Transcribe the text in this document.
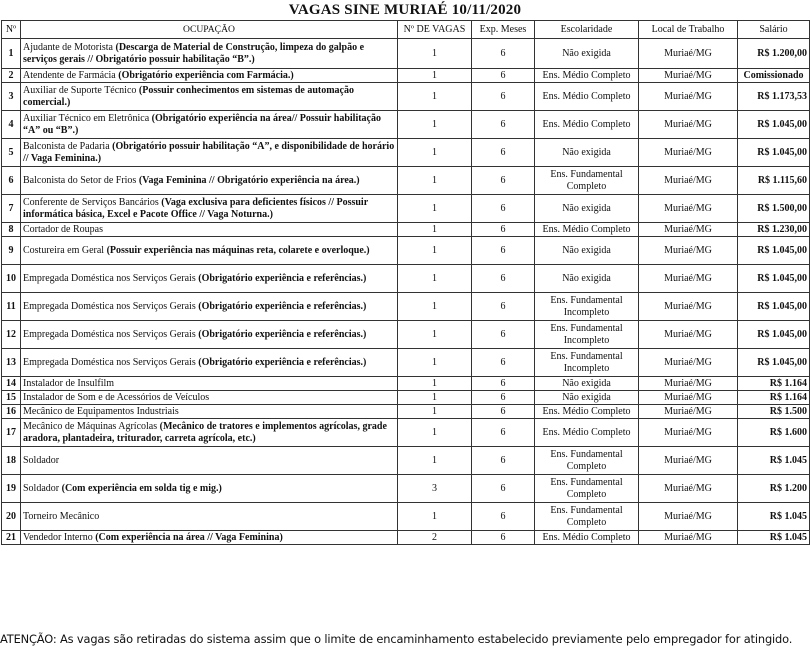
VAGAS SINE MURIAÉ 10/11/2020
Nº	OCUPAÇÃO	Nº DE VAGAS	Exp. Meses	Escolaridade	Local de Trabalho	Salário
1	Ajudante de Motorista (Descarga de Material de Construção, limpeza do galpão e serviços gerais // Obrigatório possuir habilitação “B”.)	1	6	Não exigida	Muriaé/MG	R$ 1.200,00
2	Atendente de Farmácia (Obrigatório experiência com Farmácia.)	1	6	Ens. Médio Completo	Muriaé/MG	Comissionado
3	Auxiliar de Suporte Técnico (Possuir conhecimentos em sistemas de automação comercial.)	1	6	Ens. Médio Completo	Muriaé/MG	R$ 1.173,53
4	Auxiliar Técnico em Eletrônica (Obrigatório experiência na área// Possuir habilitação “A” ou “B”.)	1	6	Ens. Médio Completo	Muriaé/MG	R$ 1.045,00
5	Balconista de Padaria (Obrigatório possuir habilitação “A”, e disponibilidade de horário // Vaga Feminina.)	1	6	Não exigida	Muriaé/MG	R$ 1.045,00
6	Balconista do Setor de Frios (Vaga Feminina // Obrigatório experiência na área.)	1	6	Ens. Fundamental Completo	Muriaé/MG	R$ 1.115,60
7	Conferente de Serviços Bancários (Vaga exclusiva para deficientes físicos // Possuir informática básica, Excel e Pacote Office // Vaga Noturna.)	1	6	Não exigida	Muriaé/MG	R$ 1.500,00
8	Cortador de Roupas	1	6	Ens. Médio Completo	Muriaé/MG	R$ 1.230,00
9	Costureira em Geral (Possuir experiência nas máquinas reta, colarete e overloque.)	1	6	Não exigida	Muriaé/MG	R$ 1.045,00
10	Empregada Doméstica nos Serviços Gerais (Obrigatório experiência e referências.)	1	6	Não exigida	Muriaé/MG	R$ 1.045,00
11	Empregada Doméstica nos Serviços Gerais (Obrigatório experiência e referências.)	1	6	Ens. Fundamental Incompleto	Muriaé/MG	R$ 1.045,00
12	Empregada Doméstica nos Serviços Gerais (Obrigatório experiência e referências.)	1	6	Ens. Fundamental Incompleto	Muriaé/MG	R$ 1.045,00
13	Empregada Doméstica nos Serviços Gerais (Obrigatório experiência e referências.)	1	6	Ens. Fundamental Incompleto	Muriaé/MG	R$ 1.045,00
14	Instalador de Insulfilm	1	6	Não exigida	Muriaé/MG	R$ 1.164
15	Instalador de Som e de Acessórios de Veículos	1	6	Não exigida	Muriaé/MG	R$ 1.164
16	Mecânico de Equipamentos Industriais	1	6	Ens. Médio Completo	Muriaé/MG	R$ 1.500
17	Mecânico de Máquinas Agrícolas (Mecânico de tratores e implementos agrícolas, grade aradora, plantadeira, triturador, carreta agrícola, etc.)	1	6	Ens. Médio Completo	Muriaé/MG	R$ 1.600
18	Soldador	1	6	Ens. Fundamental Completo	Muriaé/MG	R$ 1.045
19	Soldador (Com experiência em solda tig e mig.)	3	6	Ens. Fundamental Completo	Muriaé/MG	R$ 1.200
20	Torneiro Mecânico	1	6	Ens. Fundamental Completo	Muriaé/MG	R$ 1.045
21	Vendedor Interno (Com experiência na área // Vaga Feminina)	2	6	Ens. Médio Completo	Muriaé/MG	R$ 1.045
ATENÇÃO: As vagas são retiradas do sistema assim que o limite de encaminhamento estabelecido previamente pelo empregador for atingido.
